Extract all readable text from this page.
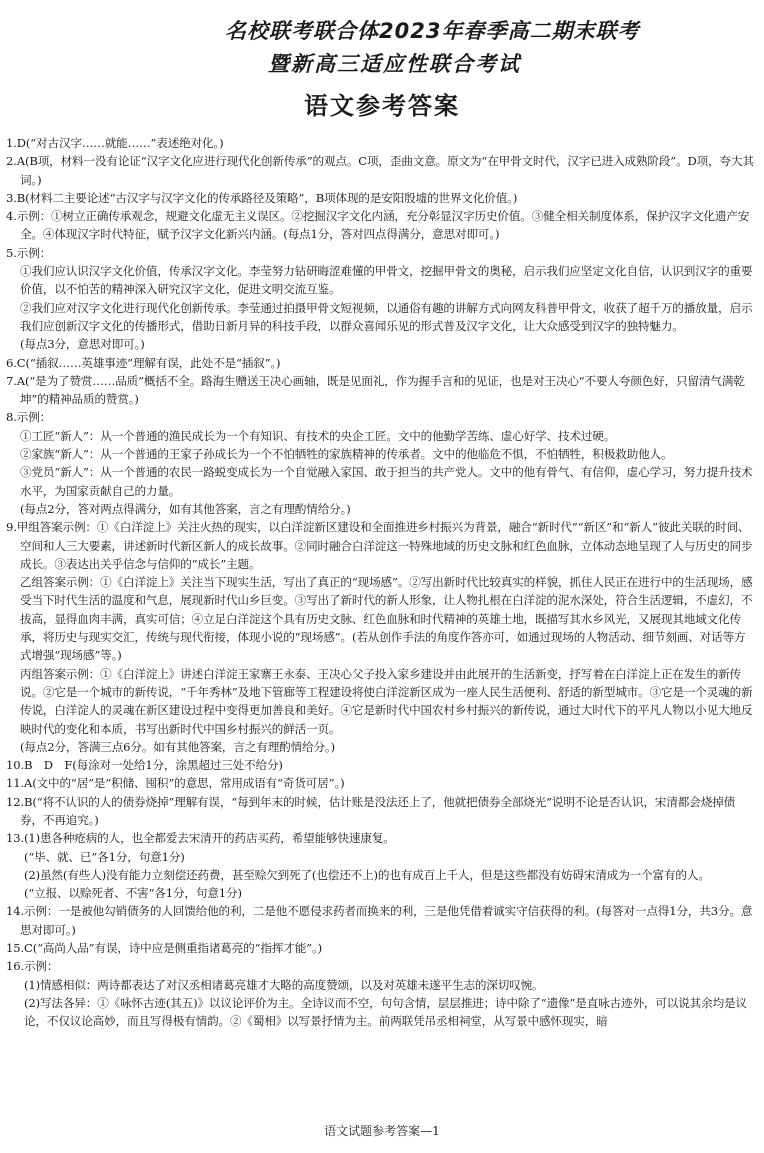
名校联考联合体2023年春季高二期末联考
暨新高三适应性联合考试
语文参考答案

1.D(“对古汉字……就能……”表述绝对化。)

2.A(B项，材料一没有论证“汉字文化应进行现代化创新传承”的观点。C项，歪曲文意。原文为“在甲骨文时代，汉字已进入成熟阶段”。D项，夸大其词。)

3.B(材料二主要论述“古汉字与汉字文化的传承路径及策略”，B项体现的是安阳殷墟的世界文化价值。)

4.示例：①树立正确传承观念，规避文化虚无主义误区。②挖掘汉字文化内涵，充分彰显汉字历史价值。③健全相关制度体系，保护汉字文化遗产安全。④体现汉字时代特征，赋予汉字文化新兴内涵。(每点1分，答对四点得满分，意思对即可。)

5.示例：

①我们应认识汉字文化价值，传承汉字文化。李莹努力钻研晦涩难懂的甲骨文，挖掘甲骨文的奥秘，启示我们应坚定文化自信，认识到汉字的重要价值，以不怕苦的精神深入研究汉字文化，促进文明交流互鉴。

②我们应对汉字文化进行现代化创新传承。李莹通过拍摄甲骨文短视频，以通俗有趣的讲解方式向网友科普甲骨文，收获了超千万的播放量，启示我们应创新汉字文化的传播形式，借助日新月异的科技手段，以群众喜闻乐见的形式普及汉字文化，让大众感受到汉字的独特魅力。

(每点3分，意思对即可。)

6.C(“插叙……英雄事迹”理解有误，此处不是“插叙”。)

7.A(“是为了赞赏……品质”概括不全。路海生赠送王决心画轴，既是见面礼，作为握手言和的见证，也是对王决心“不要人夸颜色好，只留清气满乾坤”的精神品质的赞赏。)

8.示例：

①工匠“新人”：从一个普通的渔民成长为一个有知识、有技术的央企工匠。文中的他勤学苦练、虚心好学、技术过硬。

②家族“新人”：从一个普通的王家子孙成长为一个不怕牺牲的家族精神的传承者。文中的他临危不惧，不怕牺牲，积极救助他人。

③党员“新人”：从一个普通的农民一路蜕变成长为一个自觉融入家国、敢于担当的共产党人。文中的他有骨气、有信仰，虚心学习，努力提升技术水平，为国家贡献自己的力量。

(每点2分，答对两点得满分，如有其他答案，言之有理酌情给分。)

9.甲组答案示例：①《白洋淀上》关注火热的现实，以白洋淀新区建设和全面推进乡村振兴为背景，融合“新时代”“新区”和“新人”彼此关联的时间、空间和人三大要素，讲述新时代新区新人的成长故事。②同时融合白洋淀这一特殊地域的历史文脉和红色血脉，立体动态地呈现了人与历史的同步成长。③表达出关乎信念与信仰的“成长”主题。

乙组答案示例：①《白洋淀上》关注当下现实生活，写出了真正的“现场感”。②写出新时代比较真实的样貌，抓住人民正在进行中的生活现场，感受当下时代生活的温度和气息，展现新时代山乡巨变。③写出了新时代的新人形象，让人物扎根在白洋淀的泥水深处，符合生活逻辑，不虚幻，不拔高，显得血肉丰满，真实可信；④立足白洋淀这个具有历史文脉、红色血脉和时代精神的英雄土地，既描写其水乡风光，又展现其地域文化传承，将历史与现实交汇，传统与现代衔接，体现小说的“现场感”。(若从创作手法的角度作答亦可，如通过现场的人物活动、细节刻画、对话等方式增强“现场感”等。)

丙组答案示例：①《白洋淀上》讲述白洋淀王家寨王永泰、王决心父子投入家乡建设并由此展开的生活新变，抒写着在白洋淀上正在发生的新传说。②它是一个城市的新传说，“千年秀林”及地下管廊等工程建设将使白洋淀新区成为一座人民生活便利、舒适的新型城市。③它是一个灵魂的新传说，白洋淀人的灵魂在新区建设过程中变得更加善良和美好。④它是新时代中国农村乡村振兴的新传说，通过大时代下的平凡人物以小见大地反映时代的变化和本质，书写出新时代中国乡村振兴的鲜活一页。

(每点2分，答满三点6分。如有其他答案，言之有理酌情给分。)

10.B　D　F(每涂对一处给1分，涂黑超过三处不给分)

11.A(文中的“居”是“积储、囤积”的意思，常用成语有“奇货可居”。)

12.B(“将不认识的人的债券烧掉”理解有误，“每到年末的时候，估计账是没法还上了，他就把债券全部烧光”说明不论是否认识，宋清都会烧掉债券，不再追究。)

13.(1)患各种疮病的人，也全都爱去宋清开的药店买药，希望能够快速康复。

(“毕、就、已”各1分，句意1分)

(2)虽然(有些人)没有能力立刻偿还药费，甚至赊欠到死了(也偿还不上)的也有成百上千人，但是这些都没有妨碍宋清成为一个富有的人。

(“立报、以赊死者、不害”各1分，句意1分)

14.示例：一是被他勾销债务的人回馈给他的利，二是他不愿侵求药者而换来的利，三是他凭借着诚实守信获得的利。(每答对一点得1分，共3分。意思对即可。)

15.C(“高尚人品”有误，诗中应是侧重指诸葛亮的“指挥才能”。)

16.示例：

(1)情感相似：两诗都表达了对汉丞相诸葛亮雄才大略的高度赞颂，以及对英雄未遂平生志的深切叹惋。

(2)写法各异：①《咏怀古迹(其五)》以议论评价为主。全诗议而不空，句句含情，层层推进；诗中除了“遗像”是直咏古迹外，可以说其余均是议论，不仅议论高妙，而且写得极有情韵。②《蜀相》以写景抒情为主。前两联凭吊丞相祠堂，从写景中感怀现实，暗

语文试题参考答案—1
